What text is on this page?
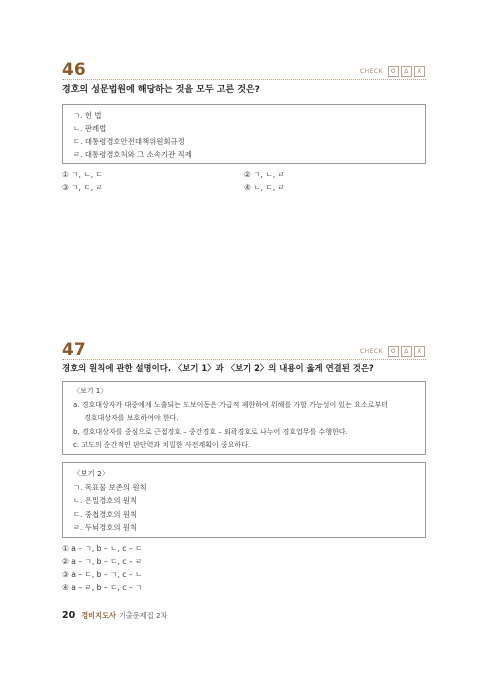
46	CHECK	O	Δ	X
경호의 성문법원에 해당하는 것을 모두 고른 것은?
ㄱ. 헌 법
ㄴ. 판례법
ㄷ. 대통령경호안전대책위원회규정
ㄹ. 대통령경호처와 그 소속기관 직제
① ㄱ, ㄴ, ㄷ	② ㄱ, ㄴ, ㄹ
③ ㄱ, ㄷ, ㄹ	④ ㄴ, ㄷ, ㄹ
47	CHECK	O	Δ	X
경호의 원칙에 관한 설명이다. 〈보기 1〉과 〈보기 2〉의 내용이 옳게 연결된 것은?
〈보기 1〉
a. 경호대상자가 대중에게 노출되는 도보이동은 가급적 제한하여 위해를 가할 가능성이 있는 요소로부터
경호대상자를 보호하여야 한다.
b. 경호대상자를 중심으로 근접경호 – 중간경호 – 외곽경호로 나누어 경호업무를 수행한다.
c. 고도의 순간적인 판단력과 치밀한 사전계획이 중요하다.
〈보기 2〉
ㄱ. 목표물 보존의 원칙
ㄴ. 은밀경호의 원칙
ㄷ. 중첩경호의 원칙
ㄹ. 두뇌경호의 원칙
① a – ㄱ, b – ㄴ, c – ㄷ
② a – ㄱ, b – ㄷ, c – ㄹ
③ a – ㄷ, b – ㄱ, c – ㄴ
④ a – ㄹ, b – ㄷ, c – ㄱ
20 경비지도사 기출문제집 2차
